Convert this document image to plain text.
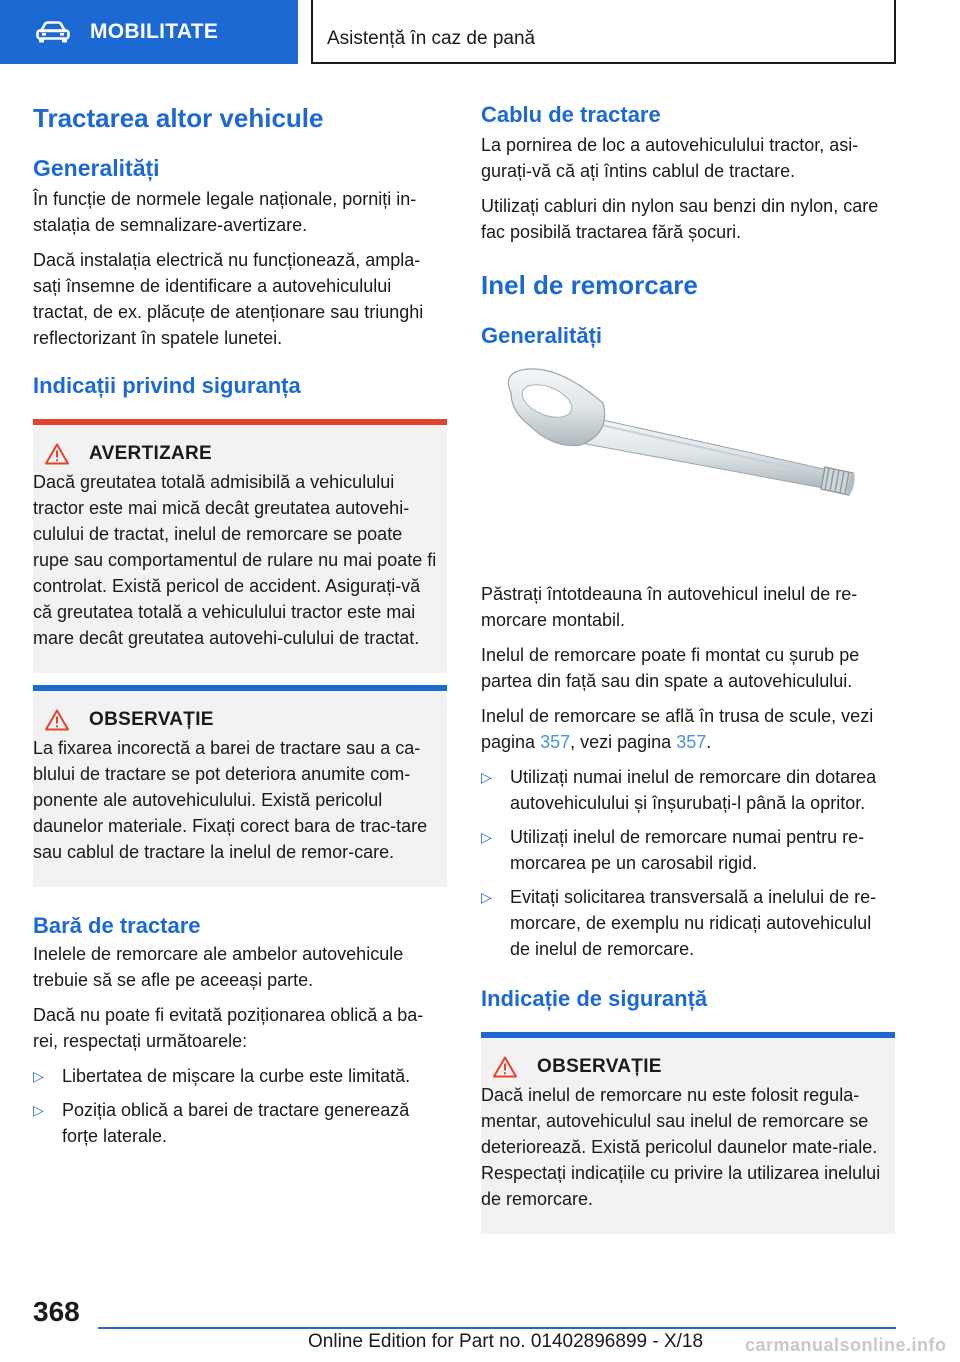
MOBILITATE	Asistență în caz de pană
Tractarea altor vehicule
Generalități

În funcție de normele legale naționale, porniți in-stalația de semnalizare-avertizare.

Dacă instalația electrică nu funcționează, ampla-sați însemne de identificare a autovehiculului tractat, de ex. plăcuțe de atenționare sau triunghi reflectorizant în spatele lunetei.

Indicații privind siguranța
AVERTIZARE

Dacă greutatea totală admisibilă a vehiculului tractor este mai mică decât greutatea autovehi-culului de tractat, inelul de remorcare se poate rupe sau comportamentul de rulare nu mai poate fi controlat. Există pericol de accident. Asigurați-vă că greutatea totală a vehiculului tractor este mai mare decât greutatea autovehi-culului de tractat.

OBSERVAȚIE

La fixarea incorectă a barei de tractare sau a ca-blului de tractare se pot deteriora anumite com-ponente ale autovehiculului. Există pericolul daunelor materiale. Fixați corect bara de trac-tare sau cablul de tractare la inelul de remor-care.

Bară de tractare

Inelele de remorcare ale ambelor autovehicule trebuie să se afle pe aceeași parte.

Dacă nu poate fi evitată poziționarea oblică a ba-rei, respectați următoarele:

▷ Libertatea de mișcare la curbe este limitată.
▷ Poziția oblică a barei de tractare generează forțe laterale.
Cablu de tractare

La pornirea de loc a autovehiculului tractor, asi-gurați-vă că ați întins cablul de tractare.

Utilizați cabluri din nylon sau benzi din nylon, care fac posibilă tractarea fără șocuri.

Inel de remorcare
Generalități

Păstrați întotdeauna în autovehicul inelul de re-morcare montabil.

Inelul de remorcare poate fi montat cu șurub pe partea din față sau din spate a autovehiculului.

Inelul de remorcare se află în trusa de scule, vezi pagina 357, vezi pagina 357.

▷ Utilizați numai inelul de remorcare din dotarea autovehiculului și înșurubați-l până la opritor.
▷ Utilizați inelul de remorcare numai pentru re-morcarea pe un carosabil rigid.
▷ Evitați solicitarea transversală a inelului de re-morcare, de exemplu nu ridicați autovehiculul de inelul de remorcare.
Indicație de siguranță
OBSERVAȚIE

Dacă inelul de remorcare nu este folosit regula-mentar, autovehiculul sau inelul de remorcare se deteriorează. Există pericolul daunelor mate-riale. Respectați indicațiile cu privire la utilizarea inelului de remorcare.

368
Online Edition for Part no. 01402896899 - X/18 carmanualsonline.info
